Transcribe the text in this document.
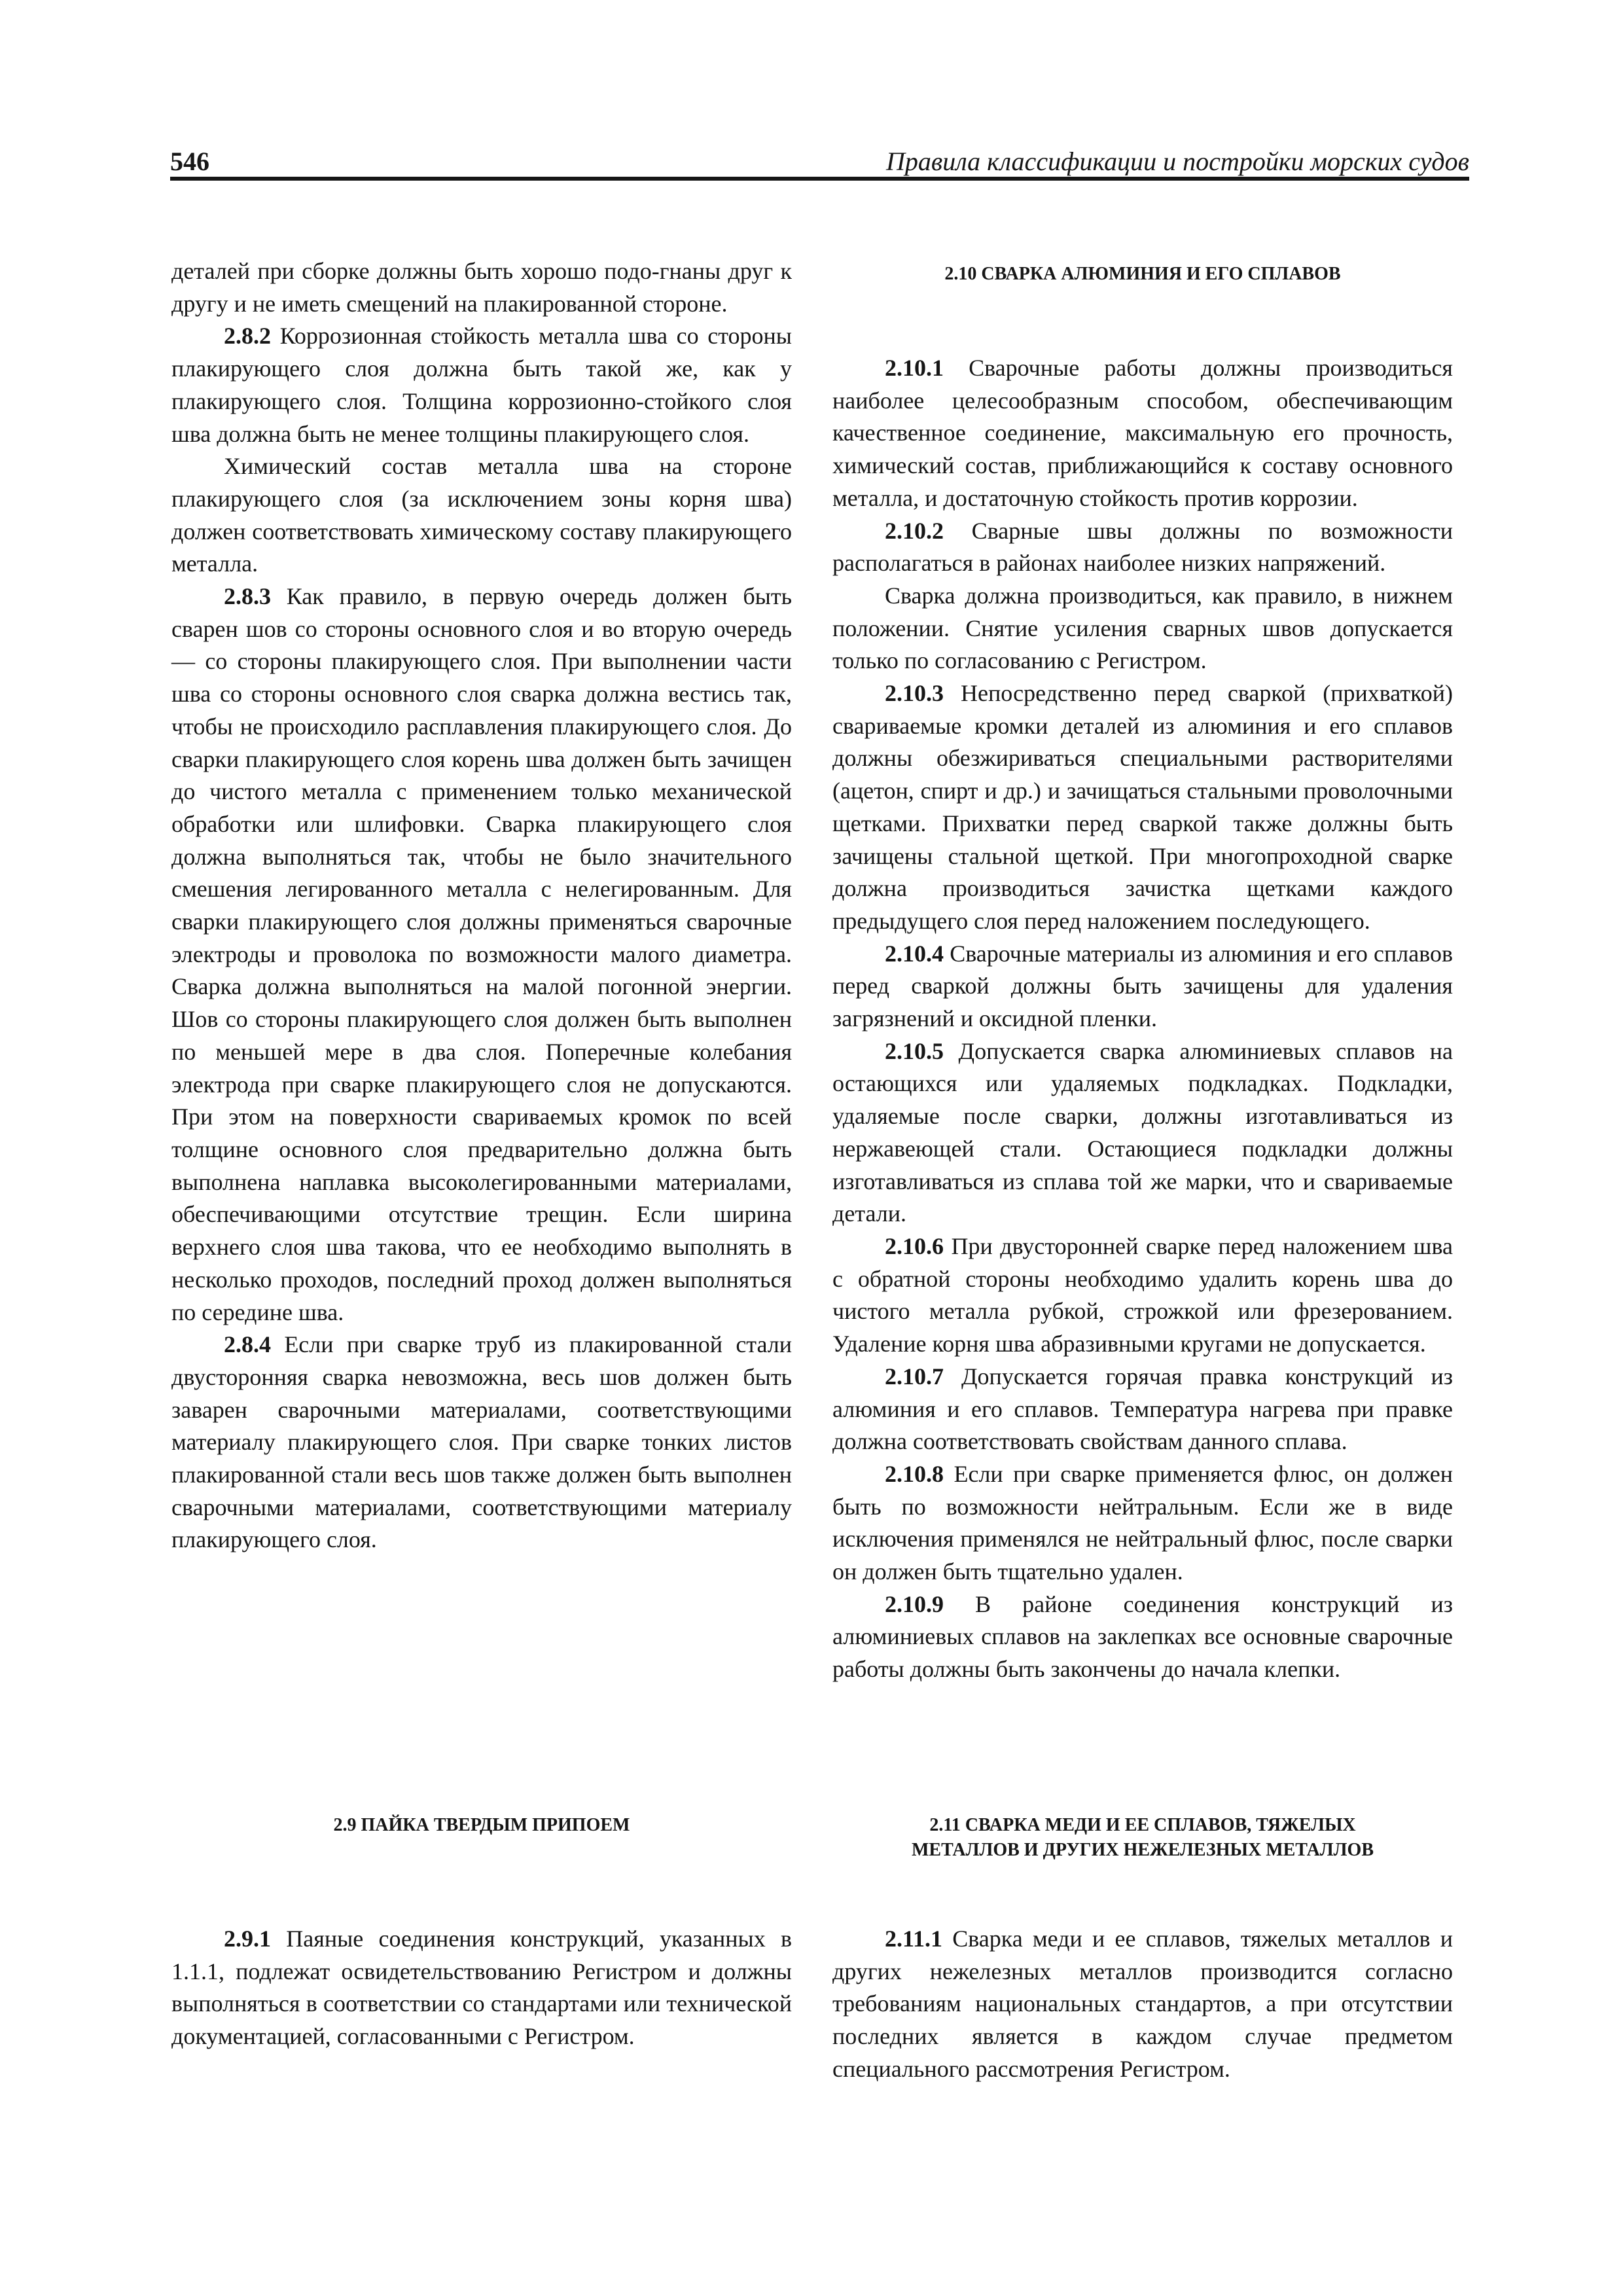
546	Правила классификации и постройки морских судов

деталей при сборке должны быть хорошо подо-гнаны друг к другу и не иметь смещений на плакированной стороне.

2.8.2 Коррозионная стойкость металла шва со стороны плакирующего слоя должна быть такой же, как у плакирующего слоя. Толщина коррозионно-стойкого слоя шва должна быть не менее толщины плакирующего слоя.

Химический состав металла шва на стороне плакирующего слоя (за исключением зоны корня шва) должен соответствовать химическому составу плакирующего металла.

2.8.3 Как правило, в первую очередь должен быть сварен шов со стороны основного слоя и во вторую очередь — со стороны плакирующего слоя. При выполнении части шва со стороны основного слоя сварка должна вестись так, чтобы не происходило расплавления плакирующего слоя. До сварки плакирующего слоя корень шва должен быть зачищен до чистого металла с применением только механической обработки или шлифовки. Сварка плакирующего слоя должна выполняться так, чтобы не было значительного смешения легированного металла с нелегированным. Для сварки плакирующего слоя должны применяться сварочные электроды и проволока по возможности малого диаметра. Сварка должна выполняться на малой погонной энергии. Шов со стороны плакирующего слоя должен быть выполнен по меньшей мере в два слоя. Поперечные колебания электрода при сварке плакирующего слоя не допускаются. При этом на поверхности свариваемых кромок по всей толщине основного слоя предварительно должна быть выполнена наплавка высоколегированными материалами, обеспечивающими отсутствие трещин. Если ширина верхнего слоя шва такова, что ее необходимо выполнять в несколько проходов, последний проход должен выполняться по середине шва.

2.8.4 Если при сварке труб из плакированной стали двусторонняя сварка невозможна, весь шов должен быть заварен сварочными материалами, соответствующими материалу плакирующего слоя. При сварке тонких листов плакированной стали весь шов также должен быть выполнен сварочными материалами, соответствующими материалу плакирующего слоя.

2.9 ПАЙКА ТВЕРДЫМ ПРИПОЕМ

2.9.1 Паяные соединения конструкций, указанных в 1.1.1, подлежат освидетельствованию Регистром и должны выполняться в соответствии со стандартами или технической документацией, согласованными с Регистром.

2.10 СВАРКА АЛЮМИНИЯ И ЕГО СПЛАВОВ

2.10.1 Сварочные работы должны производиться наиболее целесообразным способом, обеспечивающим качественное соединение, максимальную его прочность, химический состав, приближающийся к составу основного металла, и достаточную стойкость против коррозии.

2.10.2 Сварные швы должны по возможности располагаться в районах наиболее низких напряжений.

Сварка должна производиться, как правило, в нижнем положении. Снятие усиления сварных швов допускается только по согласованию с Регистром.

2.10.3 Непосредственно перед сваркой (прихваткой) свариваемые кромки деталей из алюминия и его сплавов должны обезжириваться специальными растворителями (ацетон, спирт и др.) и зачищаться стальными проволочными щетками. Прихватки перед сваркой также должны быть зачищены стальной щеткой. При многопроходной сварке должна производиться зачистка щетками каждого предыдущего слоя перед наложением последующего.

2.10.4 Сварочные материалы из алюминия и его сплавов перед сваркой должны быть зачищены для удаления загрязнений и оксидной пленки.

2.10.5 Допускается сварка алюминиевых сплавов на остающихся или удаляемых подкладках. Подкладки, удаляемые после сварки, должны изготавливаться из нержавеющей стали. Остающиеся подкладки должны изготавливаться из сплава той же марки, что и свариваемые детали.

2.10.6 При двусторонней сварке перед наложением шва с обратной стороны необходимо удалить корень шва до чистого металла рубкой, строжкой или фрезерованием. Удаление корня шва абразивными кругами не допускается.

2.10.7 Допускается горячая правка конструкций из алюминия и его сплавов. Температура нагрева при правке должна соответствовать свойствам данного сплава.

2.10.8 Если при сварке применяется флюс, он должен быть по возможности нейтральным. Если же в виде исключения применялся не нейтральный флюс, после сварки он должен быть тщательно удален.

2.10.9 В районе соединения конструкций из алюминиевых сплавов на заклепках все основные сварочные работы должны быть закончены до начала клепки.

2.11 СВАРКА МЕДИ И ЕЕ СПЛАВОВ, ТЯЖЕЛЫХ
МЕТАЛЛОВ И ДРУГИХ НЕЖЕЛЕЗНЫХ МЕТАЛЛОВ

2.11.1 Сварка меди и ее сплавов, тяжелых металлов и других нежелезных металлов производится согласно требованиям национальных стандартов, а при отсутствии последних является в каждом случае предметом специального рассмотрения Регистром.
